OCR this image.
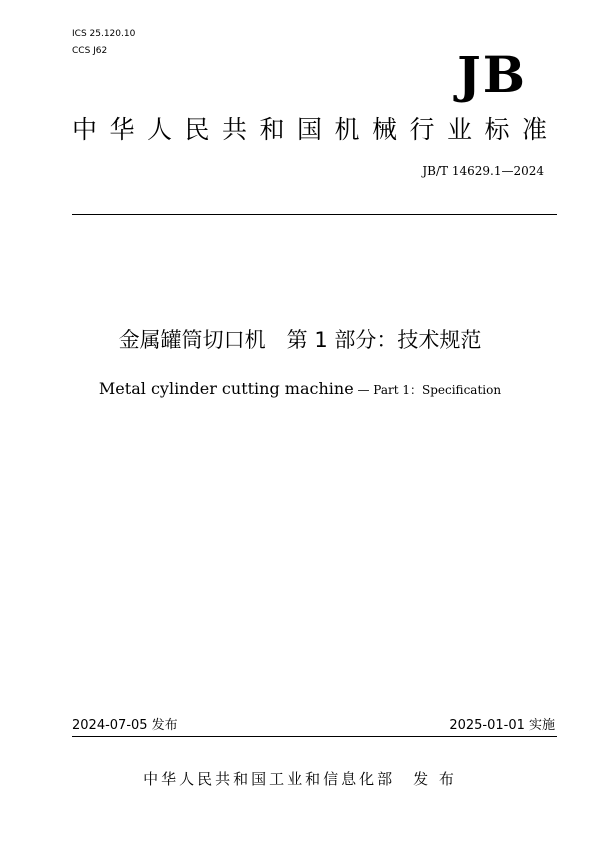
ICS 25.120.10
CCS J62	JB
中华人民共和国机械行业标准
JB/T 14629.1—2024
金属罐筒切口机　第 1 部分：技术规范
Metal cylinder cutting machine — Part 1：Specification
2024-07-05 发布	2025-01-01 实施
中华人民共和国工业和信息化部　发 布
